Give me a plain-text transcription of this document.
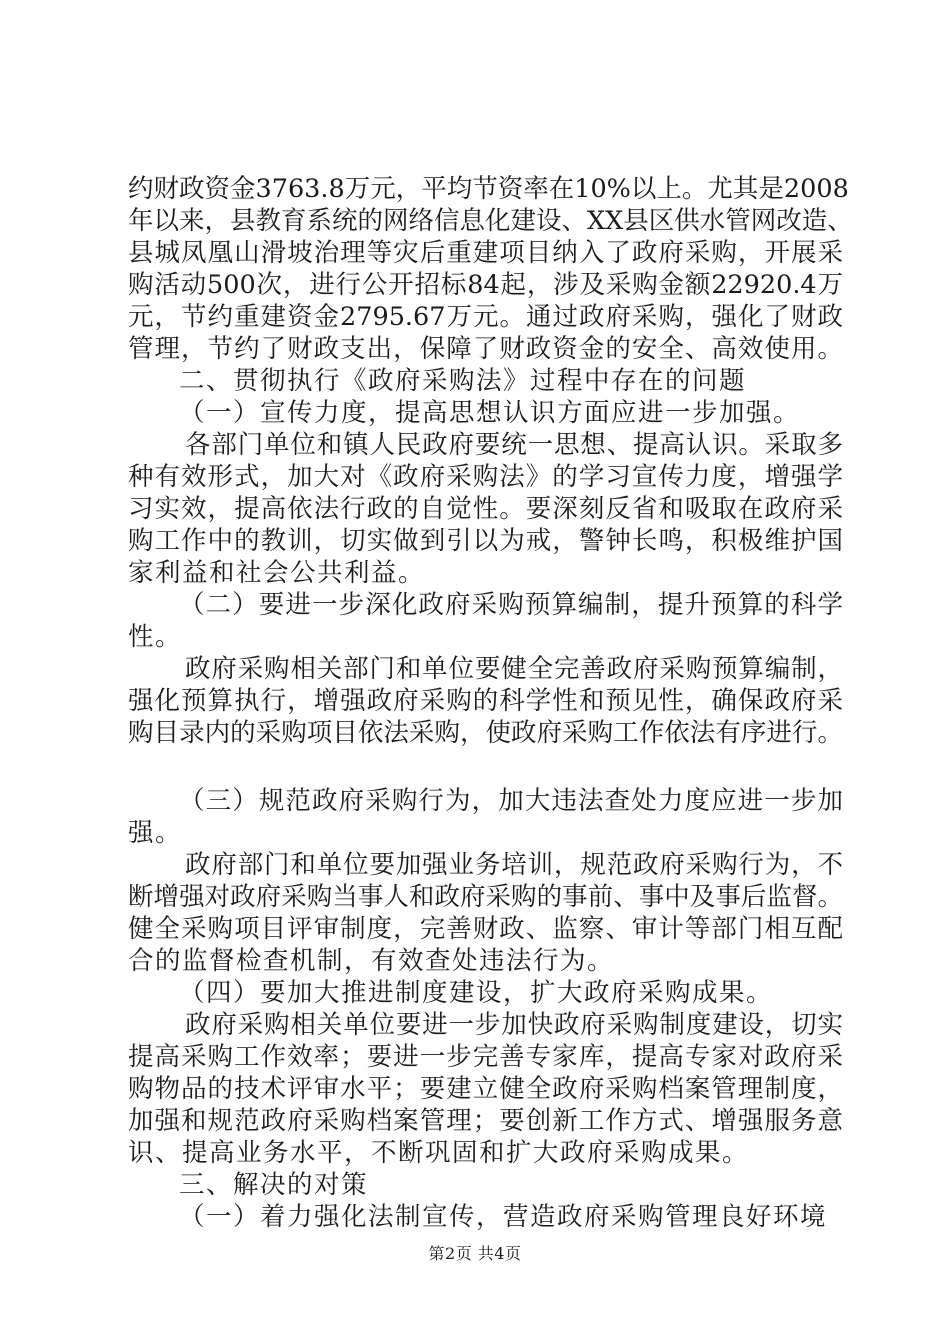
约财政资金3763.8万元，平均节资率在10%以上。尤其是2008
年以来，县教育系统的网络信息化建设、XX县区供水管网改造、
县城凤凰山滑坡治理等灾后重建项目纳入了政府采购，开展采
购活动500次，进行公开招标84起，涉及采购金额22920.4万
元，节约重建资金2795.67万元。通过政府采购，强化了财政
管理，节约了财政支出，保障了财政资金的安全、高效使用。
二、贯彻执行《政府采购法》过程中存在的问题
（一）宣传力度，提高思想认识方面应进一步加强。
各部门单位和镇人民政府要统一思想、提高认识。采取多
种有效形式，加大对《政府采购法》的学习宣传力度，增强学
习实效，提高依法行政的自觉性。要深刻反省和吸取在政府采
购工作中的教训，切实做到引以为戒，警钟长鸣，积极维护国
家利益和社会公共利益。
（二）要进一步深化政府采购预算编制，提升预算的科学
性。
政府采购相关部门和单位要健全完善政府采购预算编制，
强化预算执行，增强政府采购的科学性和预见性，确保政府采
购目录内的采购项目依法采购，使政府采购工作依法有序进行。
（三）规范政府采购行为，加大违法查处力度应进一步加
强。
政府部门和单位要加强业务培训，规范政府采购行为，不
断增强对政府采购当事人和政府采购的事前、事中及事后监督。
健全采购项目评审制度，完善财政、监察、审计等部门相互配
合的监督检查机制，有效查处违法行为。
（四）要加大推进制度建设，扩大政府采购成果。
政府采购相关单位要进一步加快政府采购制度建设，切实
提高采购工作效率；要进一步完善专家库，提高专家对政府采
购物品的技术评审水平；要建立健全政府采购档案管理制度，
加强和规范政府采购档案管理；要创新工作方式、增强服务意
识、提高业务水平，不断巩固和扩大政府采购成果。
三、解决的对策
（一）着力强化法制宣传，营造政府采购管理良好环境
第2页 共4页
